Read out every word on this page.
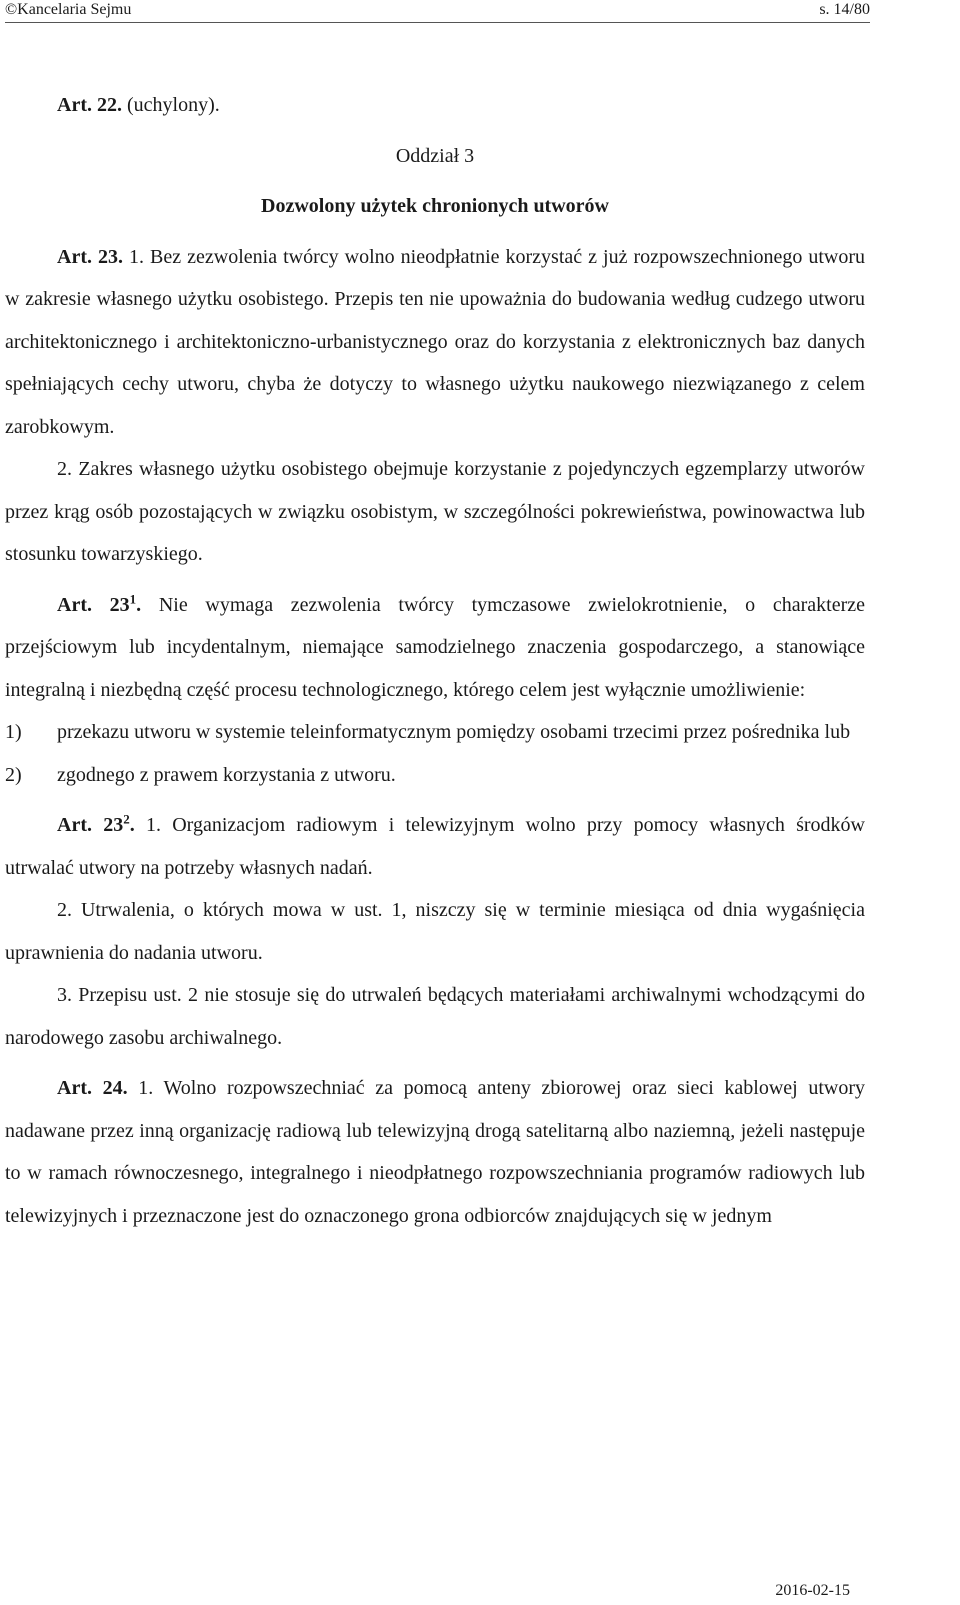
©Kancelaria Sejmu	s. 14/80

Art. 22. (uchylony).

Oddział 3

Dozwolony użytek chronionych utworów

Art. 23. 1. Bez zezwolenia twórcy wolno nieodpłatnie korzystać z już rozpowszechnionego utworu w zakresie własnego użytku osobistego. Przepis ten nie upoważnia do budowania według cudzego utworu architektonicznego i architektoniczno-urbanistycznego oraz do korzystania z elektronicznych baz danych spełniających cechy utworu, chyba że dotyczy to własnego użytku naukowego niezwiązanego z celem zarobkowym.

2. Zakres własnego użytku osobistego obejmuje korzystanie z pojedynczych egzemplarzy utworów przez krąg osób pozostających w związku osobistym, w szczególności pokrewieństwa, powinowactwa lub stosunku towarzyskiego.

Art. $23^1$. Nie wymaga zezwolenia twórcy tymczasowe zwielokrotnienie, o charakterze przejściowym lub incydentalnym, niemające samodzielnego znaczenia gospodarczego, a stanowiące integralną i niezbędną część procesu technologicznego, którego celem jest wyłącznie umożliwienie:

1)	przekazu utworu w systemie teleinformatycznym pomiędzy osobami trzecimi przez pośrednika lub
2)	zgodnego z prawem korzystania z utworu.

Art. $23^2$. 1. Organizacjom radiowym i telewizyjnym wolno przy pomocy własnych środków utrwalać utwory na potrzeby własnych nadań.

2. Utrwalenia, o których mowa w ust. 1, niszczy się w terminie miesiąca od dnia wygaśnięcia uprawnienia do nadania utworu.

3. Przepisu ust. 2 nie stosuje się do utrwaleń będących materiałami archiwalnymi wchodzącymi do narodowego zasobu archiwalnego.

Art. 24. 1. Wolno rozpowszechniać za pomocą anteny zbiorowej oraz sieci kablowej utwory nadawane przez inną organizację radiową lub telewizyjną drogą satelitarną albo naziemną, jeżeli następuje to w ramach równoczesnego, integralnego i nieodpłatnego rozpowszechniania programów radiowych lub telewizyjnych i przeznaczone jest do oznaczonego grona odbiorców znajdujących się w jednym

2016-02-15
